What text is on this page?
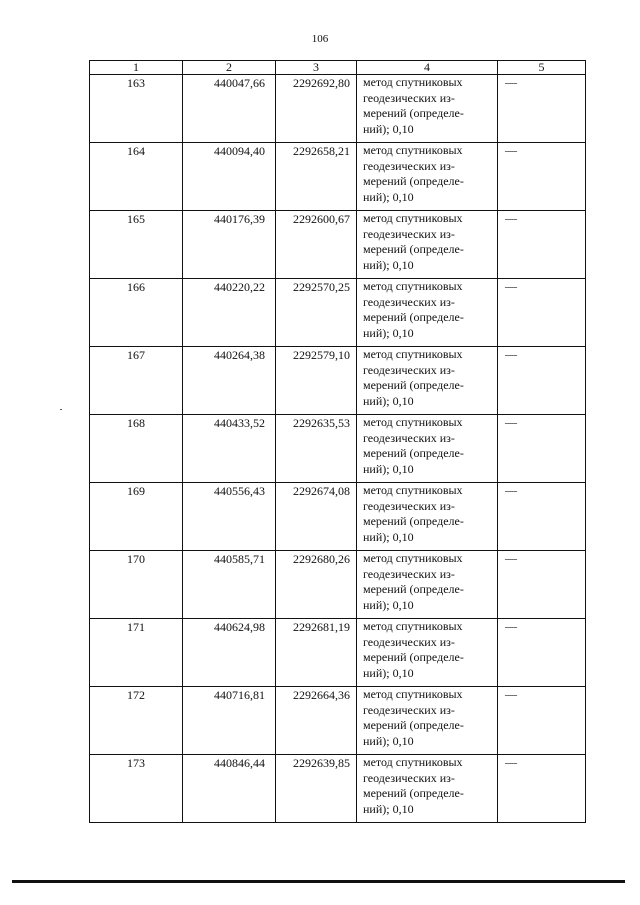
106
1	2	3	4	5
163	440047,66	2292692,80	метод спутниковых
геодезических из-
мерений (определе-
ний); 0,10	—
164	440094,40	2292658,21	метод спутниковых
геодезических из-
мерений (определе-
ний); 0,10	—
165	440176,39	2292600,67	метод спутниковых
геодезических из-
мерений (определе-
ний); 0,10	—
166	440220,22	2292570,25	метод спутниковых
геодезических из-
мерений (определе-
ний); 0,10	—
167	440264,38	2292579,10	метод спутниковых
геодезических из-
мерений (определе-
ний); 0,10	—
168	440433,52	2292635,53	метод спутниковых
геодезических из-
мерений (определе-
ний); 0,10	—
169	440556,43	2292674,08	метод спутниковых
геодезических из-
мерений (определе-
ний); 0,10	—
170	440585,71	2292680,26	метод спутниковых
геодезических из-
мерений (определе-
ний); 0,10	—
171	440624,98	2292681,19	метод спутниковых
геодезических из-
мерений (определе-
ний); 0,10	—
172	440716,81	2292664,36	метод спутниковых
геодезических из-
мерений (определе-
ний); 0,10	—
173	440846,44	2292639,85	метод спутниковых
геодезических из-
мерений (определе-
ний); 0,10	—
